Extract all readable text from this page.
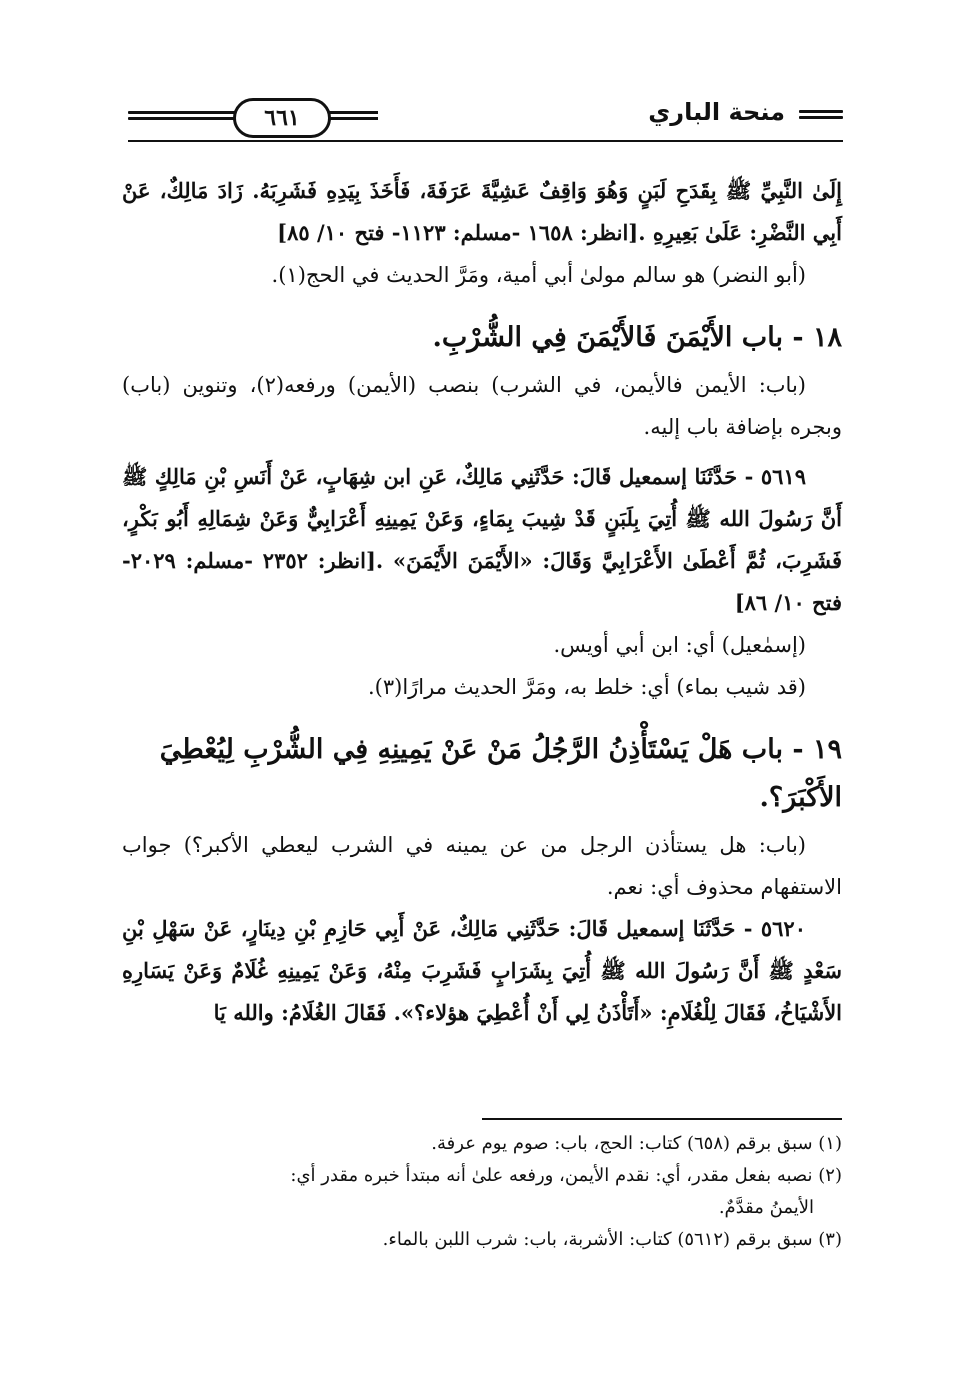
٦٦١	منحة الباري

إِلَىٰ النَّبِيِّ ﷺ بِقَدَحِ لَبَنٍ وَهُوَ وَاقِفٌ عَشِيَّةَ عَرَفَةَ، فَأَخَذَ بِيَدِهِ فَشَرِبَهُ. زَادَ مَالِكٌ، عَنْ أَبِي النَّضْرِ: عَلَىٰ بَعِيرِهِ .[انظر: ١٦٥٨ -مسلم: ١١٢٣- فتح ١٠/ ٨٥]

(أبو النضر) هو سالم مولىٰ أبي أمية، ومَرَّ الحديث في الحج(١).

١٨ - باب الأَيْمَنَ فَالأَيْمَنَ فِي الشُّرْبِ.

(باب: الأيمن فالأيمن، في الشرب) بنصب (الأيمن) ورفعه(٢)، وتنوين (باب) وبجره بإضافة باب إليه.

٥٦١٩ - حَدَّثَنَا إسمعيل قَالَ: حَدَّثَنِي مَالِكٌ، عَنِ ابن شِهَابٍ، عَنْ أَنَسِ بْنِ مَالِكٍ ﷺ أَنَّ رَسُولَ الله ﷺ أُتِيَ بِلَبَنٍ قَدْ شِيبَ بِمَاءٍ، وَعَنْ يَمِينِهِ أَعْرَابِيٌّ وَعَنْ شِمَالِهِ أَبُو بَكْرٍ، فَشَرِبَ، ثُمَّ أَعْطَىٰ الأَعْرَابِيَّ وَقَالَ: «الأَيْمَنَ الأَيْمَنَ» .[انظر: ٢٣٥٢ -مسلم: ٢٠٢٩- فتح ١٠/ ٨٦]

(إسمٰعيل) أي: ابن أبي أويس.

(قد شيب بماء) أي: خلط به، ومَرَّ الحديث مرارًا(٣).

١٩ - باب هَلْ يَسْتَأْذِنُ الرَّجُلُ مَنْ عَنْ يَمِينِهِ فِي الشُّرْبِ لِيُعْطِيَ الأَكْبَرَ؟.

(باب: هل يستأذن الرجل من عن يمينه في الشرب ليعطي الأكبر؟) جواب الاستفهام محذوف أي: نعم.

٥٦٢٠ - حَدَّثَنَا إسمعيل قَالَ: حَدَّثَنِي مَالِكٌ، عَنْ أَبِي حَازِمِ بْنِ دِينَارٍ، عَنْ سَهْلِ بْنِ سَعْدٍ ﷺ أَنَّ رَسُولَ الله ﷺ أُتِيَ بِشَرَابٍ فَشَرِبَ مِنْهُ، وَعَنْ يَمِينِهِ غُلَامٌ وَعَنْ يَسَارِهِ الأَشْيَاخُ، فَقَالَ لِلْغُلَامِ: «أَتَأْذَنُ لِي أَنْ أُعْطِيَ هؤلاء؟». فَقَالَ الغُلَامُ: والله يَا

(١) سبق برقم (٦٥٨) كتاب: الحج، باب: صوم يوم عرفة.

(٢) نصبه بفعل مقدر، أي: نقدم الأيمن، ورفعه علىٰ أنه مبتدأ خبره مقدر أي:

الأيمنُ مقدَّمٌ.

(٣) سبق برقم (٥٦١٢) كتاب: الأشربة، باب: شرب اللبن بالماء.
